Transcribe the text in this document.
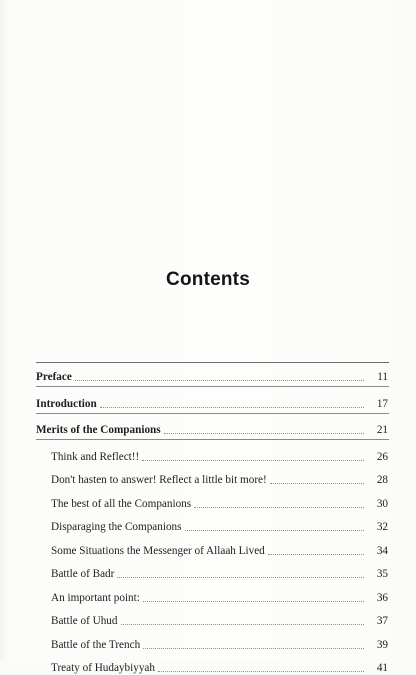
Contents
Preface	11
Introduction	17
Merits of the Companions	21
Think and Reflect!!	26
Don't hasten to answer! Reflect a little bit more!	28
The best of all the Companions	30
Disparaging the Companions	32
Some Situations the Messenger of Allaah Lived	34
Battle of Badr	35
An important point:	36
Battle of Uhud	37
Battle of the Trench	39
Treaty of Hudaybiyyah	41
